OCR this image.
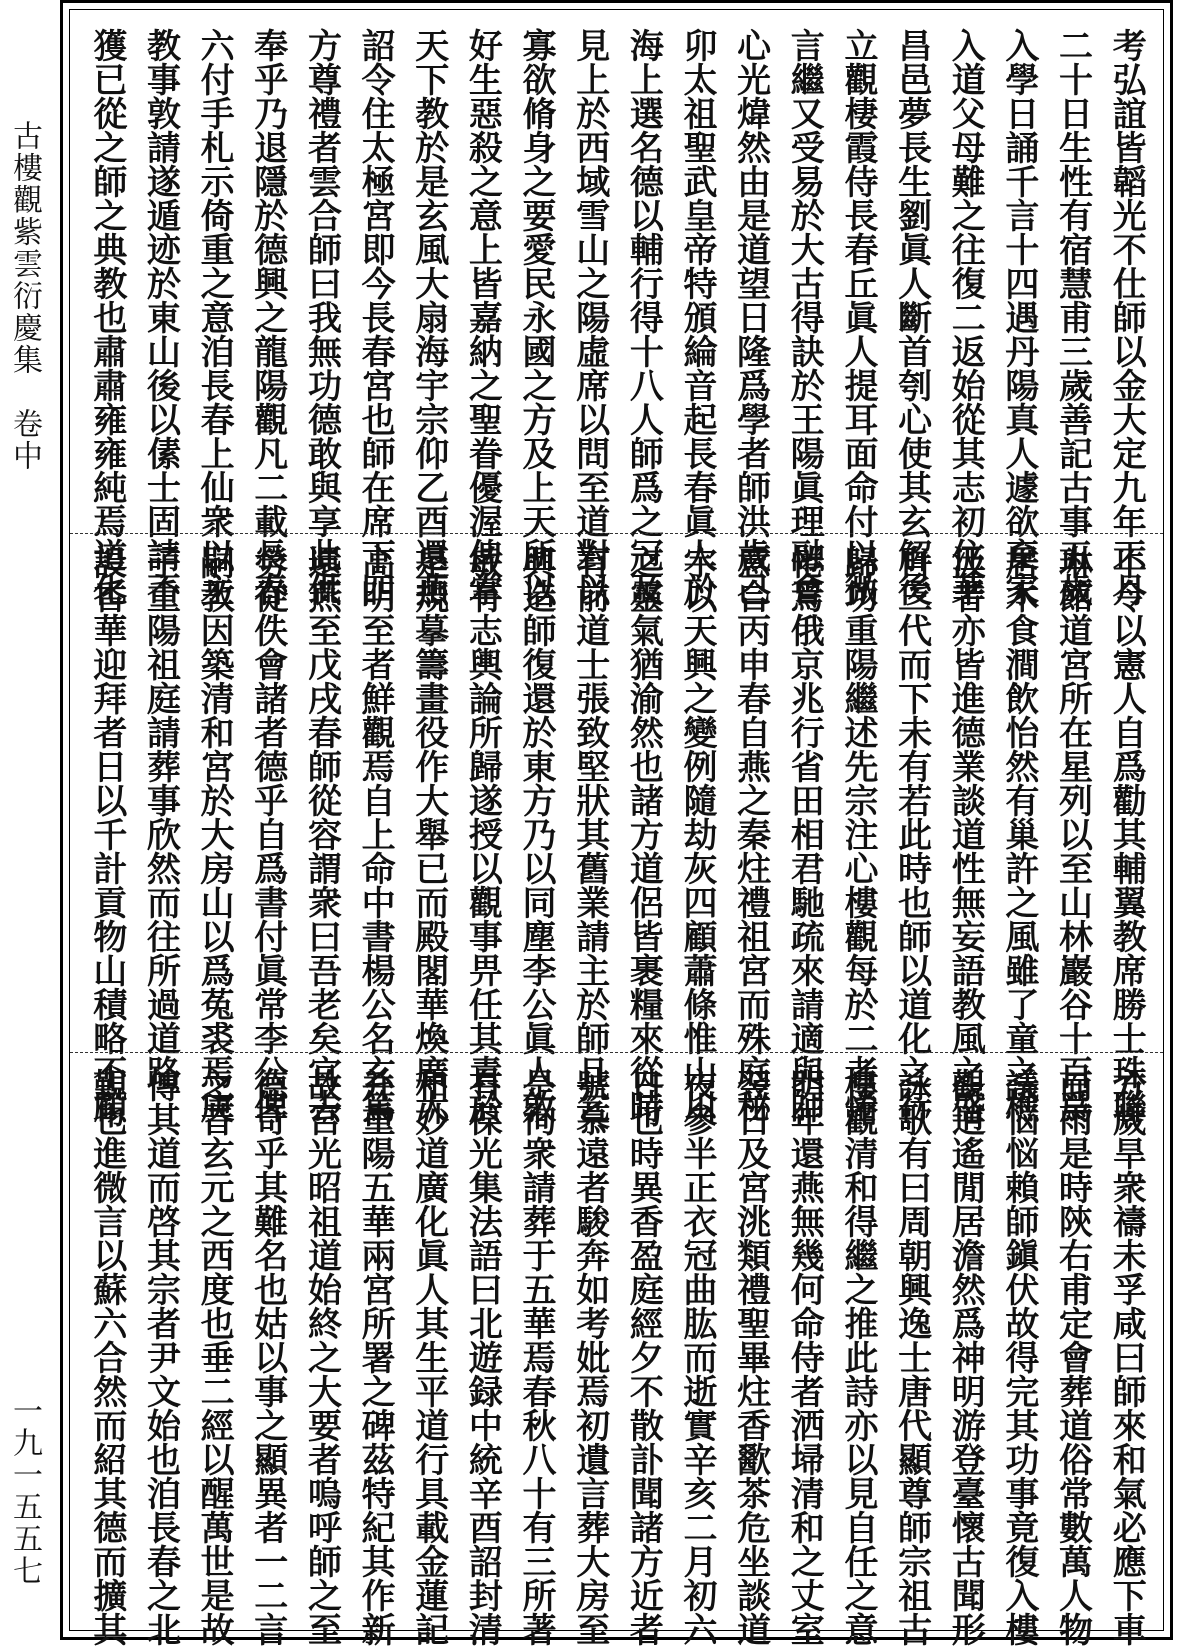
古樓觀紫雲衍慶集　卷中
一九一五五七
考弘誼皆韜光不仕師以金大定九年正月
二十日生性有宿慧甫三歲善記古事五歲
入學日誦千言十四遇丹陽真人遽欲棄家
入道父母難之往復二返始從其志初住華
昌邑夢長生劉眞人斷首刳心使其玄解後
立觀棲霞侍長春丘眞人提耳面命付以微
言繼又受易於大古得訣於王陽眞理融會
心光煒然由是道望日隆爲學者師洪歲己
卯太祖聖武皇帝特頒綸音起長春眞人於
海上選名德以輔行得十八人師爲之冠及
見上於西域雪山之陽虛席以問至道對以
寡欲脩身之要愛民永國之方及上天所以
好生惡殺之意上皆嘉納之聖眷優渥俾掌
天下教於是玄風大扇海宇宗仰乙酉還燕
詔令住太極宮即今長春宮也師在席下四
方尊禮者雲合師曰我無功德敢與享此供
奉乎乃退隱於德興之龍陽觀凡二載長春
六付手札示倚重之意洎長春上仙衆以主
教事敦請遂遁迹於東山後以傃士固請不
獲已從之師之典教也肅肅雍雍純焉道化
不令以憲人自爲勸其輔翼教席勝士珠聯
琳館道宮所在星列以至山林巖谷十百爲
居木食澗飲怡然有巢許之風雖了童之樵
汲者亦皆進德業談道性無妄語教風之盛
自三代而下未有若此時也師以道化之行
歸功重陽繼述先宗注心樓觀每於二者惓
惓焉俄京兆行省田相君馳疏來請適與師
意合丙申春自燕之秦炷禮祖宮而殊庭秘
宇以天興之變例隨劫灰四顧蕭條惟山川
之靈氣猶渝然也諸方道侶皆裹糧來從時
有前道士張致堅狀其舊業請主於師且乞
興造師復還於東方乃以同塵李公眞人敦
敏有志輿論所歸遂授以觀事畀任其責於
是規摹籌畫役作大舉已而殿閣華煥廣大
高明至者鮮觀焉自上命中書楊公名玄篤
還燕至戊戌春師從容謂衆曰吾老矣宜去
勞從佚會諸者德乎自爲書付眞常李公俾
嗣教因築清和宮於大房山以爲菟裘焉庚
子重陽祖庭請葬事欣然而往所過道路
設香華迎拜者日以千計貢物山積略不顧
方歲旱衆禱未孚咸曰師來和氣必應下車
而雨是時陝右甫定會葬道俗常數萬人物
議悩悩賴師鎭伏故得完其功事竟復入樓
觀逍遙閒居澹然爲神明游登臺懷古聞形
詠歌有曰周朝興逸士唐代顯尊師宗祖古
樓觀清和得繼之推此詩亦以見自任之意
明年還燕無幾何命侍者洒埽清和之丈室
翌日及宮洮類禮聖畢炷香歠茶危坐談道
夜參半正衣冠曲肱而逝實辛亥二月初六
日也時異香盈庭經夕不散訃聞諸方近者
號慕遠者駿奔如考妣焉初遺言葬大房至
是徇衆請葬于五華焉春秋八十有三所著
有葆光集法語曰北遊録中統辛酉詔封清
和妙道廣化眞人其生平道行具載金蓮記
并重陽五華兩宮所署之碑茲特紀其作新
故宮光昭祖道始終之大要者嗚呼師之至
德奇乎其難名也姑以事之顯異者一二言
之昔玄元之西度也垂二經以醒萬世是故
傳其道而啓其宗者尹文始也洎長春之北
覲也進微言以蘇六合然而紹其德而擴其
